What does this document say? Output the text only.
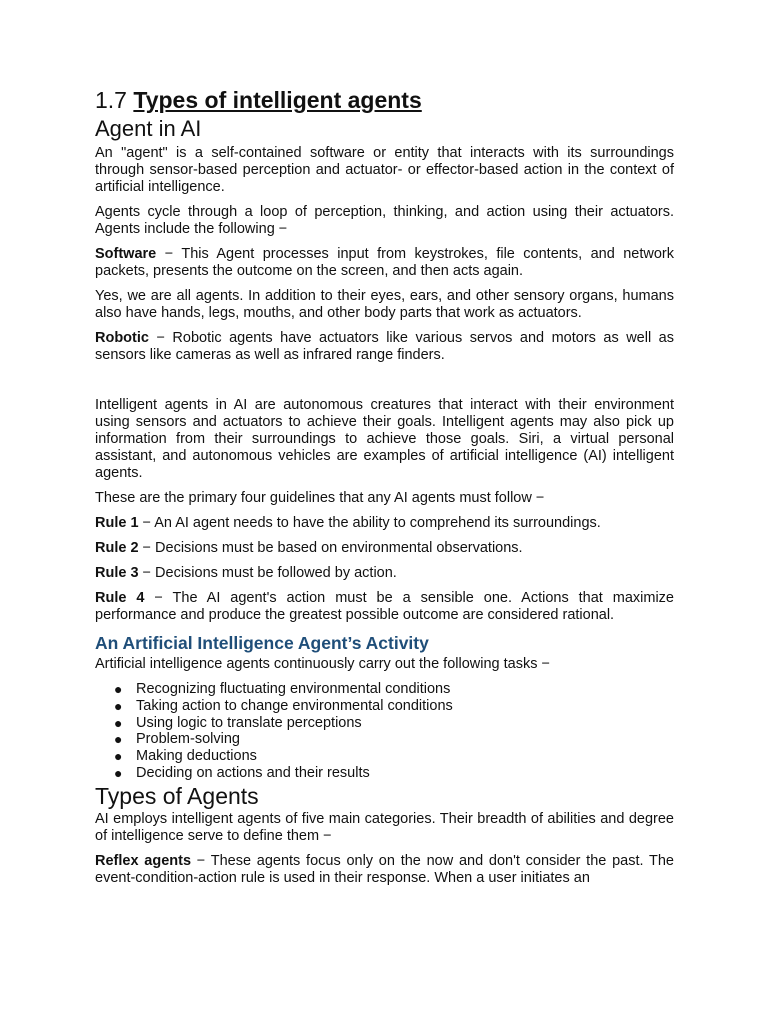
1.7 Types of intelligent agents
Agent in AI

An "agent" is a self-contained software or entity that interacts with its surroundings through sensor-based perception and actuator- or effector-based action in the context of artificial intelligence.

Agents cycle through a loop of perception, thinking, and action using their actuators. Agents include the following −

Software − This Agent processes input from keystrokes, file contents, and network packets, presents the outcome on the screen, and then acts again.

Yes, we are all agents. In addition to their eyes, ears, and other sensory organs, humans also have hands, legs, mouths, and other body parts that work as actuators.

Robotic − Robotic agents have actuators like various servos and motors as well as sensors like cameras as well as infrared range finders.

Intelligent agents in AI are autonomous creatures that interact with their environment using sensors and actuators to achieve their goals. Intelligent agents may also pick up information from their surroundings to achieve those goals. Siri, a virtual personal assistant, and autonomous vehicles are examples of artificial intelligence (AI) intelligent agents.

These are the primary four guidelines that any AI agents must follow −

Rule 1 − An AI agent needs to have the ability to comprehend its surroundings.

Rule 2 − Decisions must be based on environmental observations.

Rule 3 − Decisions must be followed by action.

Rule 4 − The AI agent's action must be a sensible one. Actions that maximize performance and produce the greatest possible outcome are considered rational.

An Artificial Intelligence Agent’s Activity

Artificial intelligence agents continuously carry out the following tasks −

● Recognizing fluctuating environmental conditions
● Taking action to change environmental conditions
● Using logic to translate perceptions
● Problem-solving
● Making deductions
● Deciding on actions and their results
Types of Agents

AI employs intelligent agents of five main categories. Their breadth of abilities and degree of intelligence serve to define them −

Reflex agents − These agents focus only on the now and don't consider the past. The event-condition-action rule is used in their response. When a user initiates an
